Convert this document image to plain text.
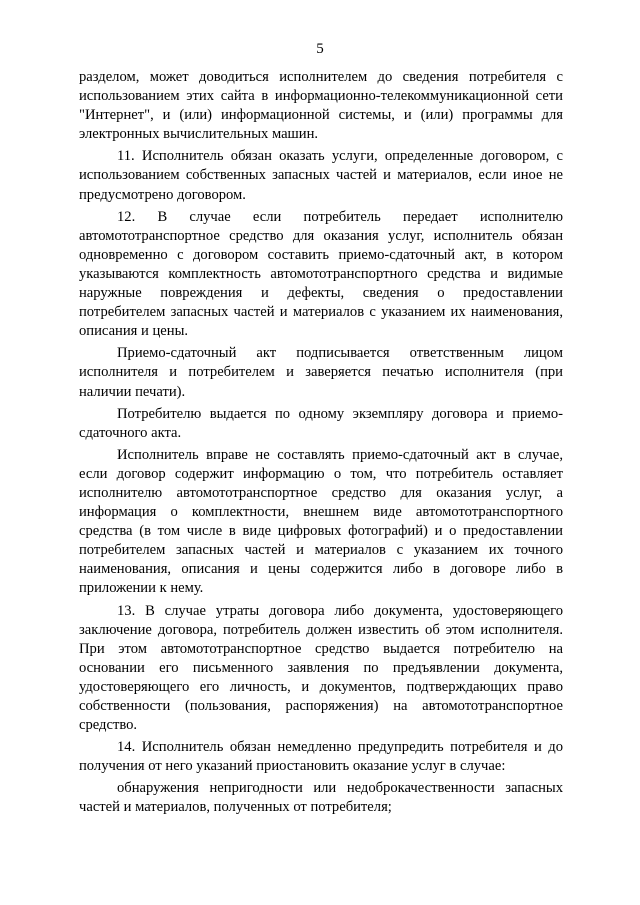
5

разделом, может доводиться исполнителем до сведения потребителя с использованием этих сайта в информационно-телекоммуникационной сети "Интернет", и (или) информационной системы, и (или) программы для электронных вычислительных машин.

11. Исполнитель обязан оказать услуги, определенные договором, с использованием собственных запасных частей и материалов, если иное не предусмотрено договором.

12. В случае если потребитель передает исполнителю автомототранспортное средство для оказания услуг, исполнитель обязан одновременно с договором составить приемо-сдаточный акт, в котором указываются комплектность автомототранспортного средства и видимые наружные повреждения и дефекты, сведения о предоставлении потребителем запасных частей и материалов с указанием их наименования, описания и цены.

Приемо-сдаточный акт подписывается ответственным лицом исполнителя и потребителем и заверяется печатью исполнителя (при наличии печати).

Потребителю выдается по одному экземпляру договора и приемо-сдаточного акта.

Исполнитель вправе не составлять приемо-сдаточный акт в случае, если договор содержит информацию о том, что потребитель оставляет исполнителю автомототранспортное средство для оказания услуг, а информация о комплектности, внешнем виде автомототранспортного средства (в том числе в виде цифровых фотографий) и о предоставлении потребителем запасных частей и материалов с указанием их точного наименования, описания и цены содержится либо в договоре либо в приложении к нему.

13. В случае утраты договора либо документа, удостоверяющего заключение договора, потребитель должен известить об этом исполнителя. При этом автомототранспортное средство выдается потребителю на основании его письменного заявления по предъявлении документа, удостоверяющего его личность, и документов, подтверждающих право собственности (пользования, распоряжения) на автомототранспортное средство.

14. Исполнитель обязан немедленно предупредить потребителя и до получения от него указаний приостановить оказание услуг в случае:

обнаружения непригодности или недоброкачественности запасных частей и материалов, полученных от потребителя;
